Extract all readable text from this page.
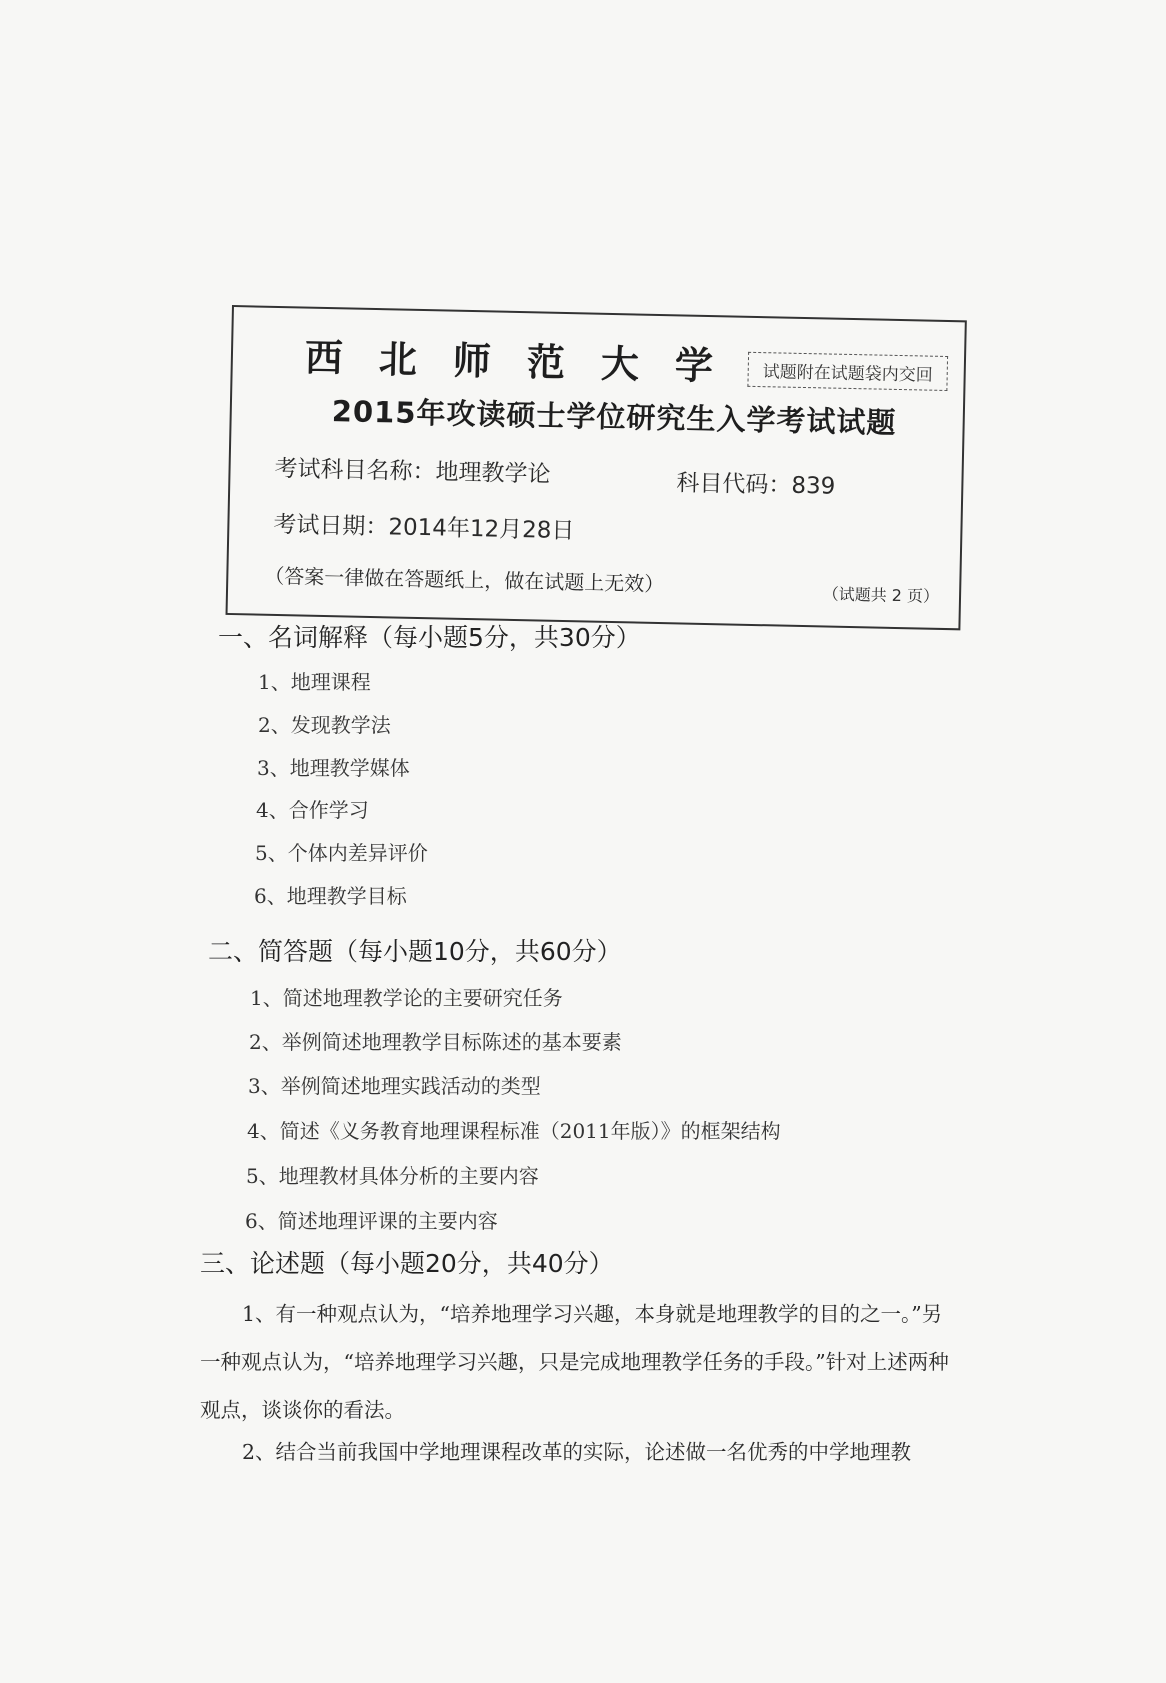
西北师范大学 试题附在试题袋内交回
2015年攻读硕士学位研究生入学考试试题
考试科目名称：地理教学论	科目代码：839
考试日期：2014年12月28日
（答案一律做在答题纸上，做在试题上无效）	（试题共 2 页）
一、名词解释（每小题5分，共30分）
1、地理课程
2、发现教学法
3、地理教学媒体
4、合作学习
5、个体内差异评价
6、地理教学目标
二、简答题（每小题10分，共60分）
1、简述地理教学论的主要研究任务
2、举例简述地理教学目标陈述的基本要素
3、举例简述地理实践活动的类型
4、简述《义务教育地理课程标准（2011年版）》的框架结构
5、地理教材具体分析的主要内容
6、简述地理评课的主要内容
三、论述题（每小题20分，共40分）
1、有一种观点认为，“培养地理学习兴趣，本身就是地理教学的目的之一。”另一种观点认为，“培养地理学习兴趣，只是完成地理教学任务的手段。”针对上述两种观点，谈谈你的看法。
2、结合当前我国中学地理课程改革的实际，论述做一名优秀的中学地理教
